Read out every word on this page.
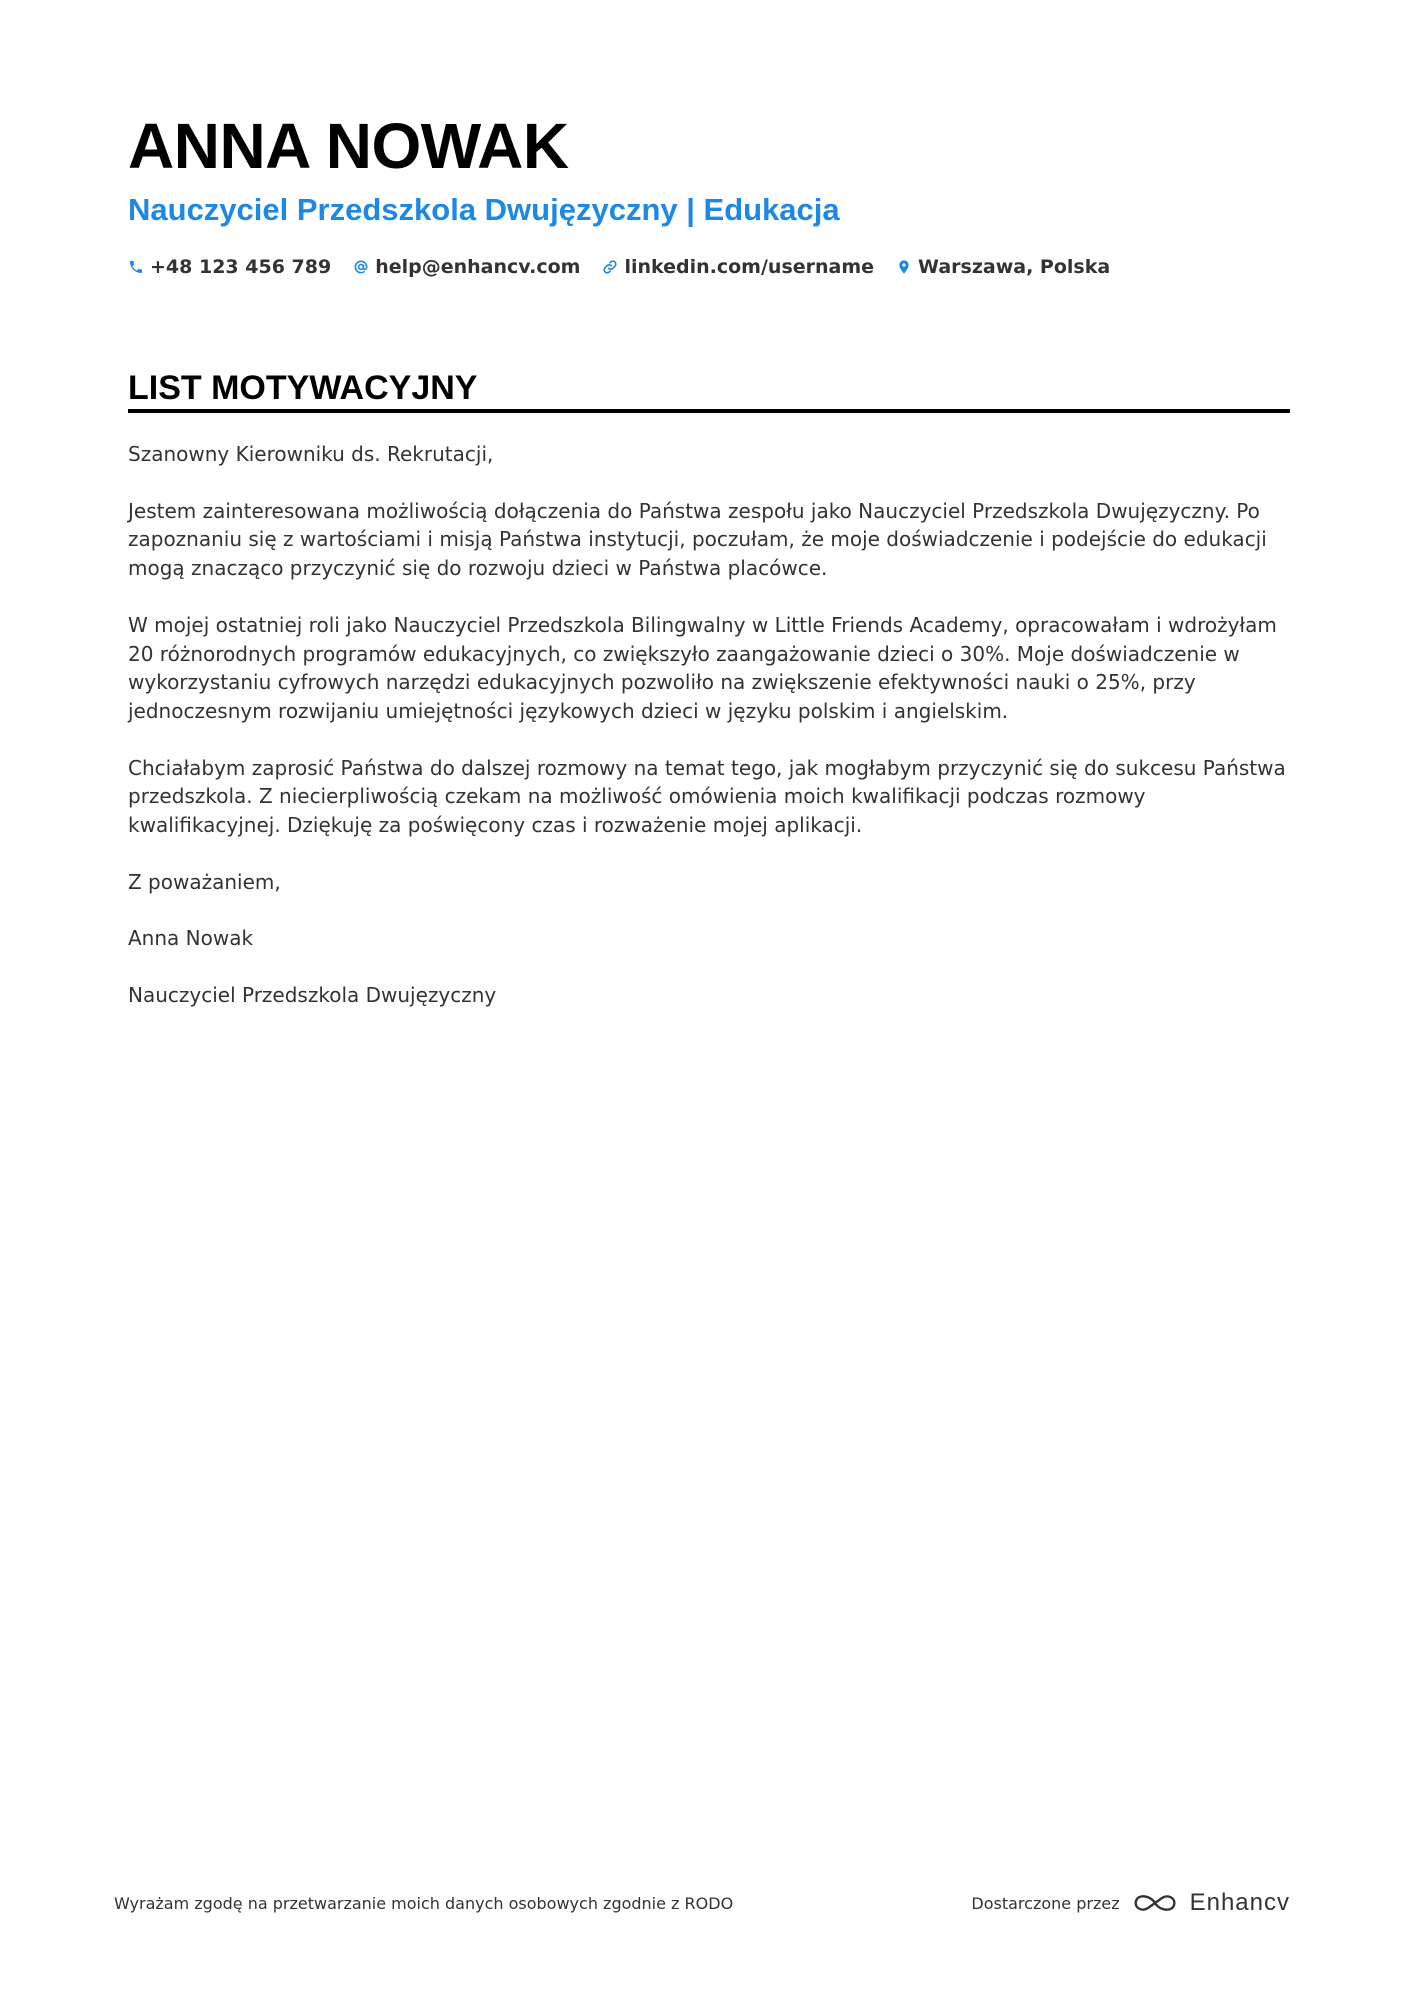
ANNA NOWAK
Nauczyciel Przedszkola Dwujęzyczny | Edukacja
+48 123 456 789 help@enhancv.com linkedin.com/username Warszawa, Polska
LIST MOTYWACYJNY

Szanowny Kierowniku ds. Rekrutacji,

Jestem zainteresowana możliwością dołączenia do Państwa zespołu jako Nauczyciel Przedszkola Dwujęzyczny. Po zapoznaniu się z wartościami i misją Państwa instytucji, poczułam, że moje doświadczenie i podejście do edukacji mogą znacząco przyczynić się do rozwoju dzieci w Państwa placówce.

W mojej ostatniej roli jako Nauczyciel Przedszkola Bilingwalny w Little Friends Academy, opracowałam i wdrożyłam 20 różnorodnych programów edukacyjnych, co zwiększyło zaangażowanie dzieci o 30%. Moje doświadczenie w wykorzystaniu cyfrowych narzędzi edukacyjnych pozwoliło na zwiększenie efektywności nauki o 25%, przy jednoczesnym rozwijaniu umiejętności językowych dzieci w języku polskim i angielskim.

Chciałabym zaprosić Państwa do dalszej rozmowy na temat tego, jak mogłabym przyczynić się do sukcesu Państwa przedszkola. Z niecierpliwością czekam na możliwość omówienia moich kwalifikacji podczas rozmowy kwalifikacyjnej. Dziękuję za poświęcony czas i rozważenie mojej aplikacji.

Z poważaniem,

Anna Nowak

Nauczyciel Przedszkola Dwujęzyczny

Wyrażam zgodę na przetwarzanie moich danych osobowych zgodnie z RODO	Dostarczone przez	Enhancv
